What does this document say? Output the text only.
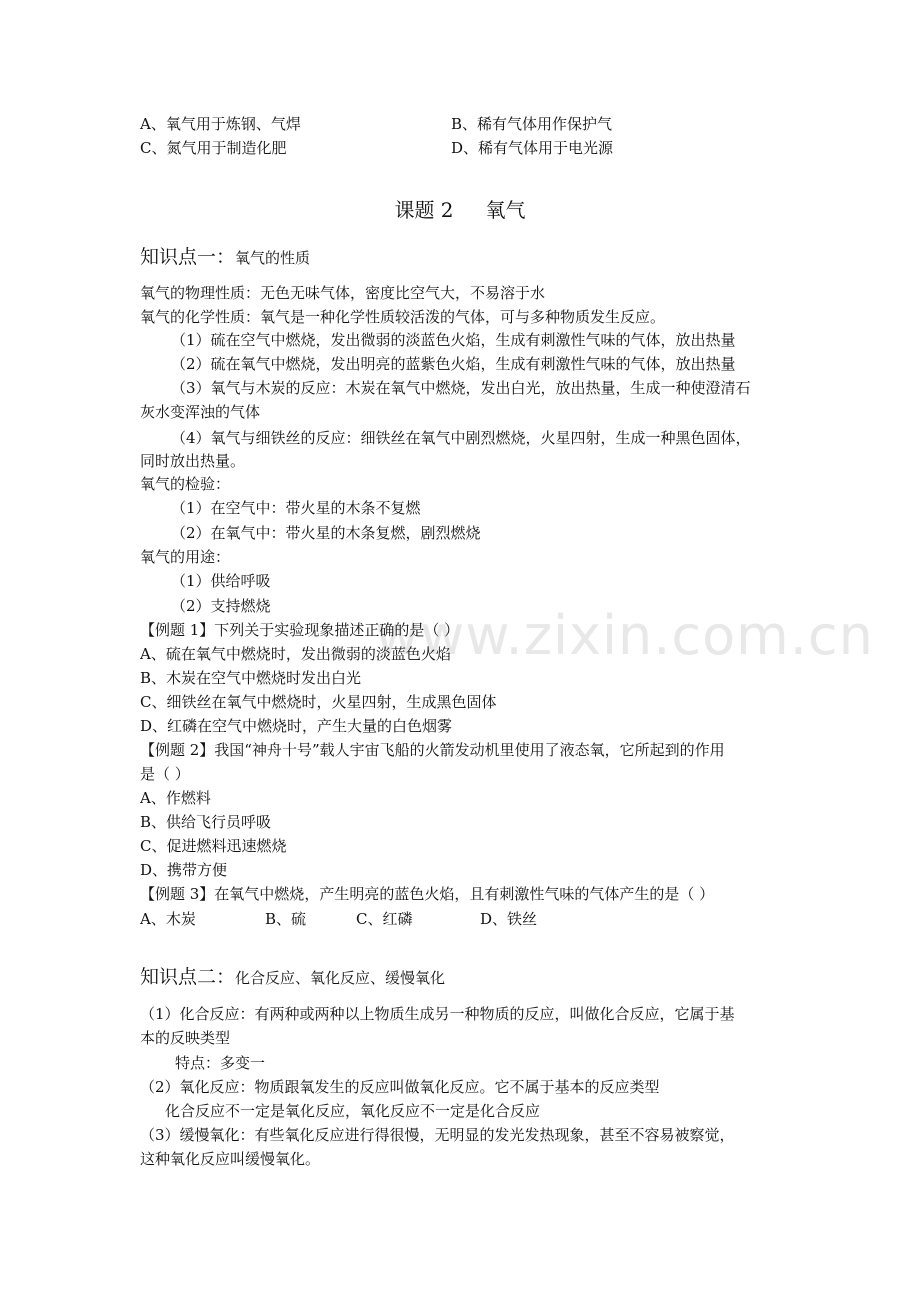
www.zixin.com.cn
A、氧气用于炼钢、气焊	B、稀有气体用作保护气
C、氮气用于制造化肥	D、稀有气体用于电光源
课题 2 氧气
知识点一：氧气的性质
氧气的物理性质：无色无味气体，密度比空气大，不易溶于水
氧气的化学性质：氧气是一种化学性质较活泼的气体，可与多种物质发生反应。
（1）硫在空气中燃烧，发出微弱的淡蓝色火焰，生成有刺激性气味的气体，放出热量
（2）硫在氧气中燃烧，发出明亮的蓝紫色火焰，生成有刺激性气味的气体，放出热量
（3）氧气与木炭的反应：木炭在氧气中燃烧，发出白光，放出热量，生成一种使澄清石
灰水变浑浊的气体
（4）氧气与细铁丝的反应：细铁丝在氧气中剧烈燃烧，火星四射，生成一种黑色固体，
同时放出热量。
氧气的检验：
（1）在空气中：带火星的木条不复燃
（2）在氧气中：带火星的木条复燃，剧烈燃烧
氧气的用途：
（1）供给呼吸
（2）支持燃烧
【例题 1】下列关于实验现象描述正确的是（ ）
A、硫在氧气中燃烧时，发出微弱的淡蓝色火焰
B、木炭在空气中燃烧时发出白光
C、细铁丝在氧气中燃烧时，火星四射，生成黑色固体
D、红磷在空气中燃烧时，产生大量的白色烟雾
【例题 2】我国“神舟十号”载人宇宙飞船的火箭发动机里使用了液态氧，它所起到的作用
是（ ）
A、作燃料
B、供给飞行员呼吸
C、促进燃料迅速燃烧
D、携带方便
【例题 3】在氧气中燃烧，产生明亮的蓝色火焰，且有刺激性气味的气体产生的是（ ）
A、木炭	B、硫	C、红磷	D、铁丝
知识点二：化合反应、氧化反应、缓慢氧化
（1）化合反应：有两种或两种以上物质生成另一种物质的反应，叫做化合反应，它属于基
本的反映类型
特点：多变一
（2）氧化反应：物质跟氧发生的反应叫做氧化反应。它不属于基本的反应类型
化合反应不一定是氧化反应，氧化反应不一定是化合反应
（3）缓慢氧化：有些氧化反应进行得很慢，无明显的发光发热现象，甚至不容易被察觉，
这种氧化反应叫缓慢氧化。
